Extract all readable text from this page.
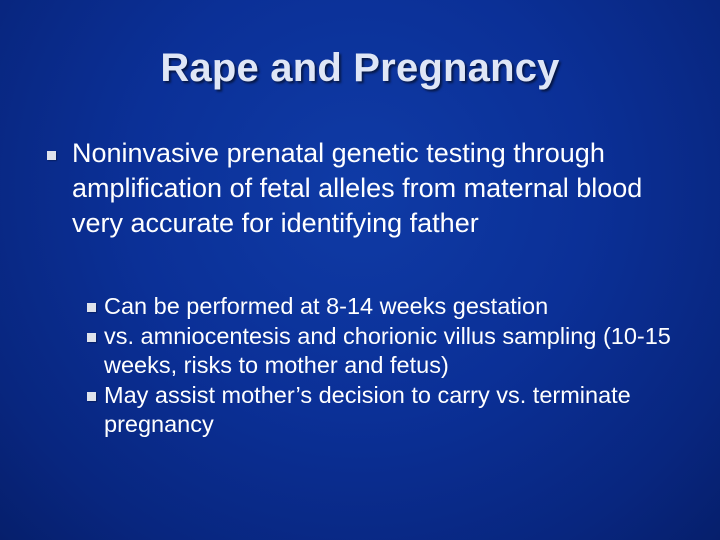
Rape and Pregnancy
Noninvasive prenatal genetic testing through amplification of fetal alleles from maternal blood very accurate for identifying father
Can be performed at 8-14 weeks gestation
vs. amniocentesis and chorionic villus sampling (10-15 weeks, risks to mother and fetus)
May assist mother’s decision to carry vs. terminate pregnancy
